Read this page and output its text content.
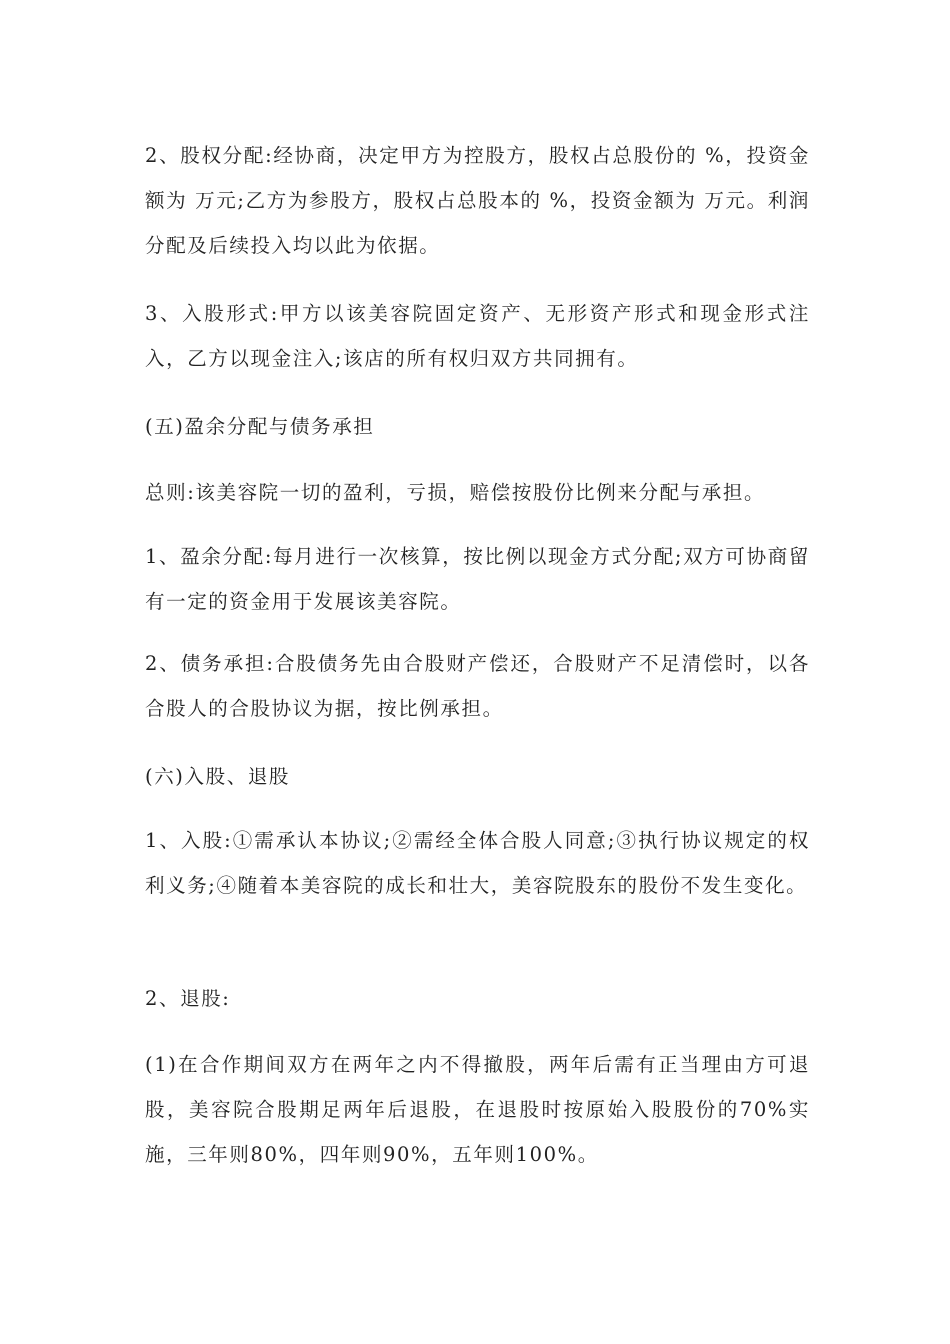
2、股权分配:经协商，决定甲方为控股方，股权占总股份的 %，投资金额为 万元;乙方为参股方，股权占总股本的 %，投资金额为 万元。利润分配及后续投入均以此为依据。

3、入股形式:甲方以该美容院固定资产、无形资产形式和现金形式注入，乙方以现金注入;该店的所有权归双方共同拥有。

(五)盈余分配与债务承担

总则:该美容院一切的盈利，亏损，赔偿按股份比例来分配与承担。

1、盈余分配:每月进行一次核算，按比例以现金方式分配;双方可协商留有一定的资金用于发展该美容院。

2、债务承担:合股债务先由合股财产偿还，合股财产不足清偿时，以各合股人的合股协议为据，按比例承担。

(六)入股、退股

1、入股:①需承认本协议;②需经全体合股人同意;③执行协议规定的权利义务;④随着本美容院的成长和壮大，美容院股东的股份不发生变化。

2、退股:

(1)在合作期间双方在两年之内不得撤股，两年后需有正当理由方可退股，美容院合股期足两年后退股，在退股时按原始入股股份的70%实施，三年则80%，四年则90%，五年则100%。
